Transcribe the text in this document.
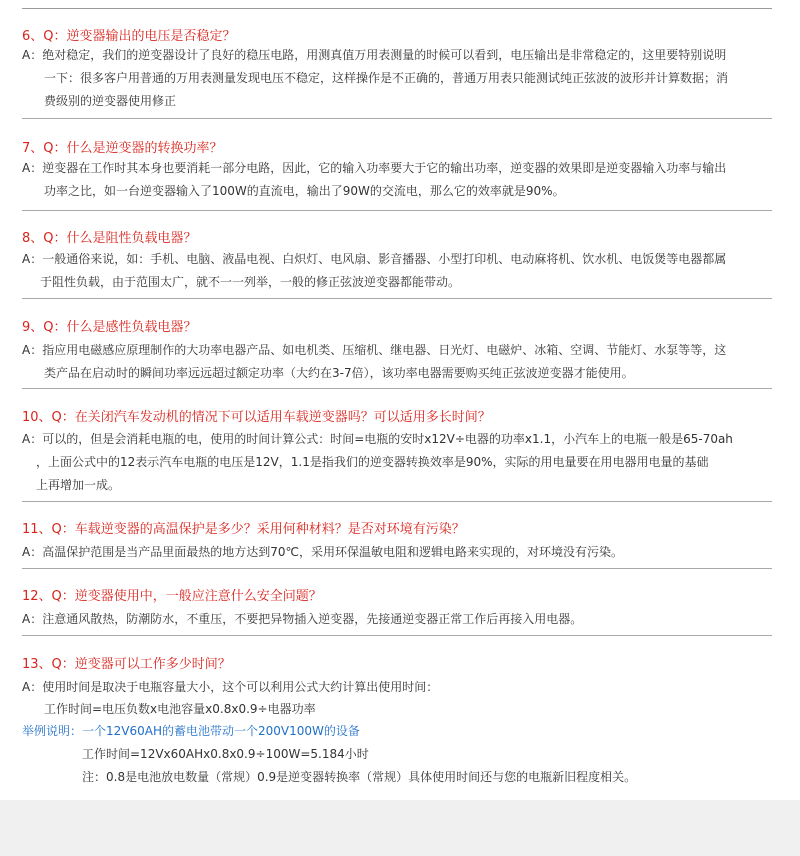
6、Q：逆变器输出的电压是否稳定？
A：绝对稳定，我们的逆变器设计了良好的稳压电路，用测真值万用表测量的时候可以看到，电压输出是非常稳定的，这里要特别说明
一下：很多客户用普通的万用表测量发现电压不稳定，这样操作是不正确的，普通万用表只能测试纯正弦波的波形并计算数据；消
费级别的逆变器使用修正
7、Q：什么是逆变器的转换功率？
A：逆变器在工作时其本身也要消耗一部分电路，因此，它的输入功率要大于它的输出功率，逆变器的效果即是逆变器输入功率与输出
功率之比，如一台逆变器输入了100W的直流电，输出了90W的交流电，那么它的效率就是90%。
8、Q：什么是阻性负载电器？
A：一般通俗来说，如：手机、电脑、液晶电视、白炽灯、电风扇、影音播器、小型打印机、电动麻将机、饮水机、电饭煲等电器都属
于阻性负载，由于范围太广，就不一一列举，一般的修正弦波逆变器都能带动。
9、Q：什么是感性负载电器？
A：指应用电磁感应原理制作的大功率电器产品、如电机类、压缩机、继电器、日光灯、电磁炉、冰箱、空调、节能灯、水泵等等，这
类产品在启动时的瞬间功率远远超过额定功率（大约在3-7倍），该功率电器需要购买纯正弦波逆变器才能使用。
10、Q：在关闭汽车发动机的情况下可以适用车载逆变器吗？可以适用多长时间？
A：可以的，但是会消耗电瓶的电，使用的时间计算公式：时间=电瓶的安时x12V÷电器的功率x1.1，小汽车上的电瓶一般是65-70ah
，上面公式中的12表示汽车电瓶的电压是12V，1.1是指我们的逆变器转换效率是90%，实际的用电量要在用电器用电量的基础
上再增加一成。
11、Q：车载逆变器的高温保护是多少？采用何种材料？是否对环境有污染？
A：高温保护范围是当产品里面最热的地方达到70℃，采用环保温敏电阻和逻辑电路来实现的，对环境没有污染。
12、Q：逆变器使用中，一般应注意什么安全问题？
A：注意通风散热，防潮防水，不重压，不要把异物插入逆变器，先接通逆变器正常工作后再接入用电器。
13、Q：逆变器可以工作多少时间？
A：使用时间是取决于电瓶容量大小，这个可以利用公式大约计算出使用时间：
工作时间=电压负数x电池容量x0.8x0.9÷电器功率
举例说明：一个12V60AH的蓄电池带动一个200V100W的设备
工作时间=12Vx60AHx0.8x0.9÷100W=5.184小时
注：0.8是电池放电数量（常规）0.9是逆变器转换率（常规）具体使用时间还与您的电瓶新旧程度相关。
